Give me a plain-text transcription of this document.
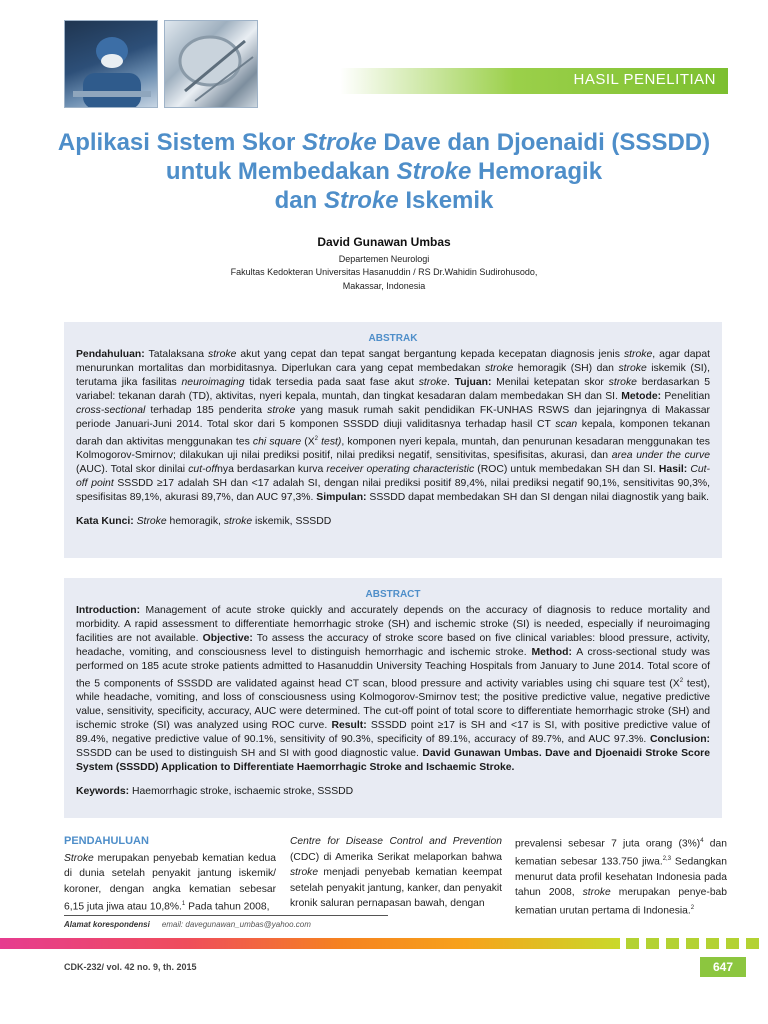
HASIL PENELITIAN
Aplikasi Sistem Skor Stroke Dave dan Djoenaidi (SSSDD)
untuk Membedakan Stroke Hemoragik
dan Stroke Iskemik
David Gunawan Umbas
Departemen Neurologi
Fakultas Kedokteran Universitas Hasanuddin / RS Dr.Wahidin Sudirohusodo,
Makassar, Indonesia
ABSTRAK

Pendahuluan: Tatalaksana stroke akut yang cepat dan tepat sangat bergantung kepada kecepatan diagnosis jenis stroke, agar dapat menurunkan mortalitas dan morbiditasnya. Diperlukan cara yang cepat membedakan stroke hemoragik (SH) dan stroke iskemik (SI), terutama jika fasilitas neuroimaging tidak tersedia pada saat fase akut stroke. Tujuan: Menilai ketepatan skor stroke berdasarkan 5 variabel: tekanan darah (TD), aktivitas, nyeri kepala, muntah, dan tingkat kesadaran dalam membedakan SH dan SI. Metode: Penelitian cross-sectional terhadap 185 penderita stroke yang masuk rumah sakit pendidikan FK-UNHAS RSWS dan jejaringnya di Makassar periode Januari-Juni 2014. Total skor dari 5 komponen SSSDD diuji validitasnya terhadap hasil CT scan kepala, komponen tekanan darah dan aktivitas menggunakan tes chi square ($X^2$ test), komponen nyeri kepala, muntah, dan penurunan kesadaran menggunakan tes Kolmogorov-Smirnov; dilakukan uji nilai prediksi positif, nilai prediksi negatif, sensitivitas, spesifisitas, akurasi, dan area under the curve (AUC). Total skor dinilai cut-offnya berdasarkan kurva receiver operating characteristic (ROC) untuk membedakan SH dan SI. Hasil: Cut-off point SSSDD ≥17 adalah SH dan <17 adalah SI, dengan nilai prediksi positif 89,4%, nilai prediksi negatif 90,1%, sensitivitas 90,3%, spesifisitas 89,1%, akurasi 89,7%, dan AUC 97,3%. Simpulan: SSSDD dapat membedakan SH dan SI dengan nilai diagnostik yang baik.

Kata Kunci: Stroke hemoragik, stroke iskemik, SSSDD

ABSTRACT

Introduction: Management of acute stroke quickly and accurately depends on the accuracy of diagnosis to reduce mortality and morbidity. A rapid assessment to differentiate hemorrhagic stroke (SH) and ischemic stroke (SI) is needed, especially if neuroimaging facilities are not available. Objective: To assess the accuracy of stroke score based on five clinical variables: blood pressure, activity, headache, vomiting, and consciousness level to distinguish hemorrhagic and ischemic stroke. Method: A cross-sectional study was performed on 185 acute stroke patients admitted to Hasanuddin University Teaching Hospitals from January to June 2014. Total score of the 5 components of SSSDD are validated against head CT scan, blood pressure and activity variables using chi square test ($X^2$ test), while headache, vomiting, and loss of consciousness using Kolmogorov-Smirnov test; the positive predictive value, negative predictive value, sensitivity, specificity, accuracy, AUC were determined. The cut-off point of total score to differentiate hemorrhagic stroke (SH) and ischemic stroke (SI) was analyzed using ROC curve. Result: SSSDD point ≥17 is SH and <17 is SI, with positive predictive value of 89.4%, negative predictive value of 90.1%, sensitivity of 90.3%, specificity of 89.1%, accuracy of 89.7%, and AUC 97.3%. Conclusion: SSSDD can be used to distinguish SH and SI with good diagnostic value. David Gunawan Umbas. Dave and Djoenaidi Stroke Score System (SSSDD) Application to Differentiate Haemorrhagic Stroke and Ischaemic Stroke.

Keywords: Haemorrhagic stroke, ischaemic stroke, SSSDD

PENDAHULUAN

Stroke merupakan penyebab kematian kedua di dunia setelah penyakit jantung iskemik/ koroner, dengan angka kematian sebesar 6,15 juta jiwa atau 10,8%.$^1$ Pada tahun 2008,

Centre for Disease Control and Prevention (CDC) di Amerika Serikat melaporkan bahwa stroke menjadi penyebab kematian keempat setelah penyakit jantung, kanker, dan penyakit kronik saluran pernapasan bawah, dengan

prevalensi sebesar 7 juta orang $(3\%)^4$ dan kematian sebesar 133.750 jiwa.$^{2,3}$ Sedangkan menurut data profil kesehatan Indonesia pada tahun 2008, stroke merupakan penye-bab kematian urutan pertama di Indonesia.$^2$

Alamat korespondensi email: davegunawan_umbas@yahoo.com
CDK-232/ vol. 42 no. 9, th. 2015	647
